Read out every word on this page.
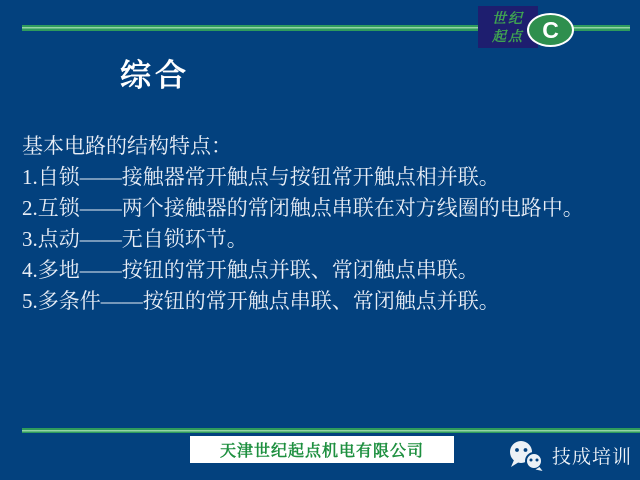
世纪
起点 C
综合
基本电路的结构特点：
1.自锁——接触器常开触点与按钮常开触点相并联。
2.互锁——两个接触器的常闭触点串联在对方线圈的电路中。
3.点动——无自锁环节。
4.多地——按钮的常开触点并联、常闭触点串联。
5.多条件——按钮的常开触点串联、常闭触点并联。
天津世纪起点机电有限公司	技成培训
